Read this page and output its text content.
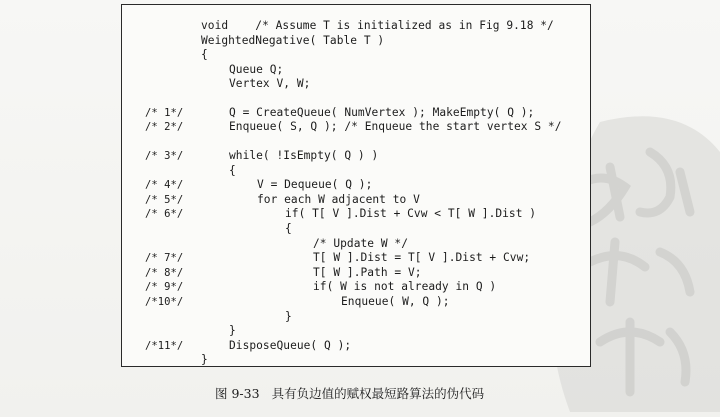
void    /* Assume T is initialized as in Fig 9.18 */
WeightedNegative( Table T )
{
Queue Q;
Vertex V, W;
/* 1*/	Q = CreateQueue( NumVertex ); MakeEmpty( Q );
/* 2*/	Enqueue( S, Q ); /* Enqueue the start vertex S */
/* 3*/	while( !IsEmpty( Q ) )
{
/* 4*/	V = Dequeue( Q );
/* 5*/	for each W adjacent to V
/* 6*/	if( T[ V ].Dist + Cvw < T[ W ].Dist )
{
/* Update W */
/* 7*/	T[ W ].Dist = T[ V ].Dist + Cvw;
/* 8*/	T[ W ].Path = V;
/* 9*/	if( W is not already in Q )
/*10*/	Enqueue( W, Q );
}
}
/*11*/	DisposeQueue( Q );
}
图 9-33 具有负边值的赋权最短路算法的伪代码
